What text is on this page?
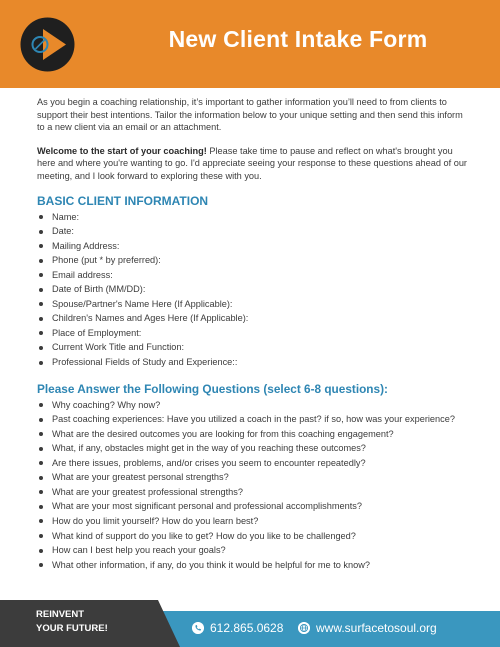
New Client Intake Form

As you begin a coaching relationship, it’s important to gather information you’ll need to from clients to support their best intentions. Tailor the information below to your unique setting and then send this inform to a new client via an email or an attachment.

Welcome to the start of your coaching! Please take time to pause and reflect on what's brought you here and where you're wanting to go. I'd appreciate seeing your response to these questions ahead of our meeting, and I look forward to exploring these with you.

BASIC CLIENT INFORMATION
Name:
Date:
Mailing Address:
Phone (put * by preferred):
Email address:
Date of Birth (MM/DD):
Spouse/Partner's Name Here (If Applicable):
Children's Names and Ages Here (If Applicable):
Place of Employment:
Current Work Title and Function:
Professional Fields of Study and Experience::
Please Answer the Following Questions (select 6-8 questions):
Why coaching? Why now?
Past coaching experiences: Have you utilized a coach in the past? if so, how was your experience?
What are the desired outcomes you are looking for from this coaching engagement?
What, if any, obstacles might get in the way of you reaching these outcomes?
Are there issues, problems, and/or crises you seem to encounter repeatedly?
What are your greatest personal strengths?
What are your greatest professional strengths?
What are your most significant personal and professional accomplishments?
How do you limit yourself? How do you learn best?
What kind of support do you like to get? How do you like to be challenged?
How can I best help you reach your goals?
What other information, if any, do you think it would be helpful for me to know?
REINVENT
YOUR FUTURE!	612.865.0628	www.surfacetosoul.org
